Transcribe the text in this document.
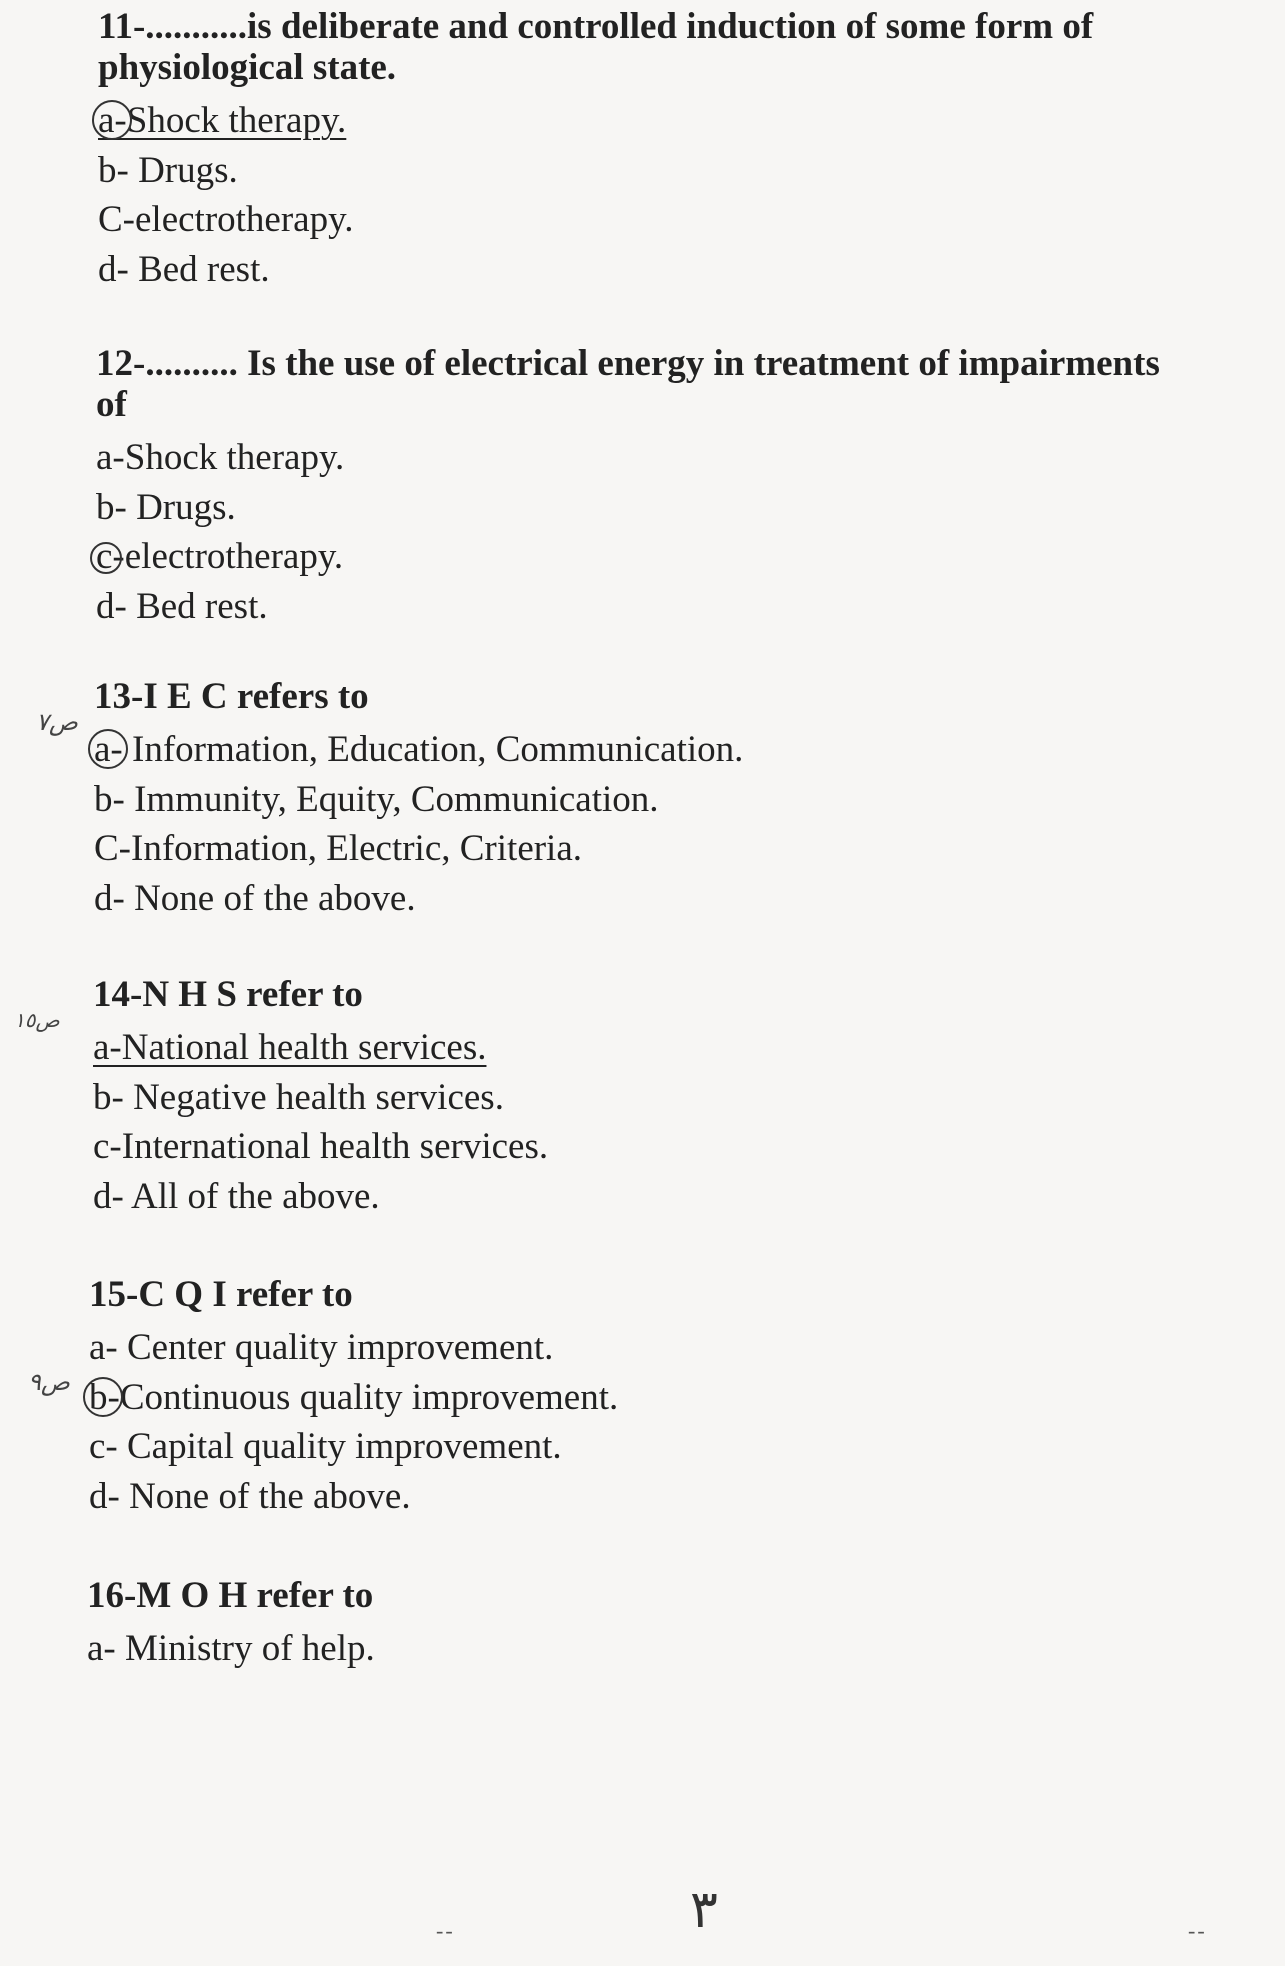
11-...........is deliberate and controlled induction of some form of physiological state.
a-Shock therapy.
b- Drugs.
C-electrotherapy.
d- Bed rest.
12-.......... Is the use of electrical energy in treatment of impairments of
a-Shock therapy.
b- Drugs.
c-electrotherapy.
d- Bed rest.
13-I E C refers to
a- Information, Education, Communication.
b- Immunity, Equity, Communication.
C-Information, Electric, Criteria.
d- None of the above.
14-N H S refer to
a-National health services.
b- Negative health services.
c-International health services.
d- All of the above.
15-C Q I refer to
a- Center quality improvement.
b-Continuous quality improvement.
c- Capital quality improvement.
d- None of the above.
16-M O H refer to
a- Ministry of help.
ص٧
ص١٥
ص٩
--	٣	--
